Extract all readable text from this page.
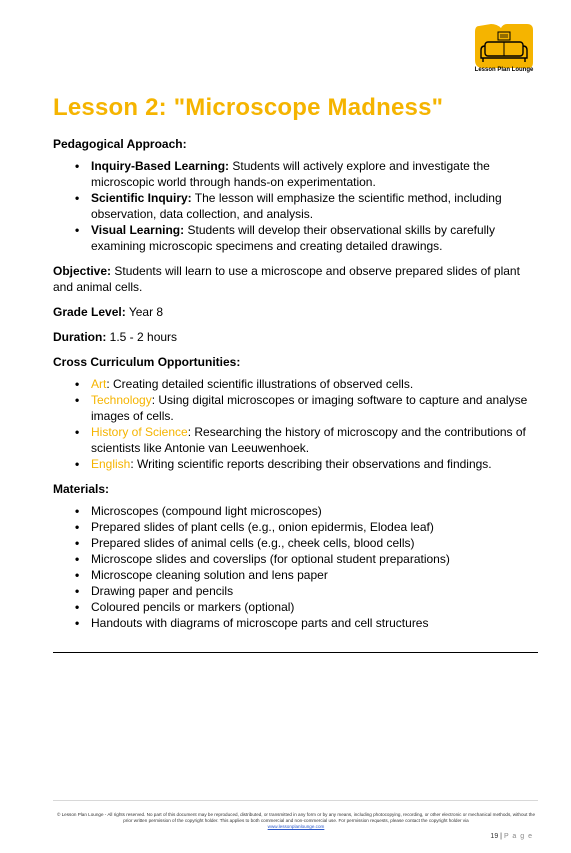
Lesson Plan Lounge
Lesson 2: "Microscope Madness"
Pedagogical Approach:
• Inquiry-Based Learning: Students will actively explore and investigate the microscopic world through hands-on experimentation.
• Scientific Inquiry: The lesson will emphasize the scientific method, including observation, data collection, and analysis.
• Visual Learning: Students will develop their observational skills by carefully examining microscopic specimens and creating detailed drawings.

Objective: Students will learn to use a microscope and observe prepared slides of plant and animal cells.

Grade Level: Year 8

Duration: 1.5 - 2 hours

Cross Curriculum Opportunities:
• Art: Creating detailed scientific illustrations of observed cells.
• Technology: Using digital microscopes or imaging software to capture and analyse images of cells.
• History of Science: Researching the history of microscopy and the contributions of scientists like Antonie van Leeuwenhoek.
• English: Writing scientific reports describing their observations and findings.
Materials:
• Microscopes (compound light microscopes)
• Prepared slides of plant cells (e.g., onion epidermis, Elodea leaf)
• Prepared slides of animal cells (e.g., cheek cells, blood cells)
• Microscope slides and coverslips (for optional student preparations)
• Microscope cleaning solution and lens paper
• Drawing paper and pencils
• Coloured pencils or markers (optional)
• Handouts with diagrams of microscope parts and cell structures
© Lesson Plan Lounge - All rights reserved. No part of this document may be reproduced, distributed, or transmitted in any form or by any means, including photocopying, recording, or other electronic or mechanical methods, without the prior written permission of the copyright holder. This applies to both commercial and non-commercial use. For permission requests, please contact the copyright holder via
www.lessonplanlounge.com
19 | P a g e
